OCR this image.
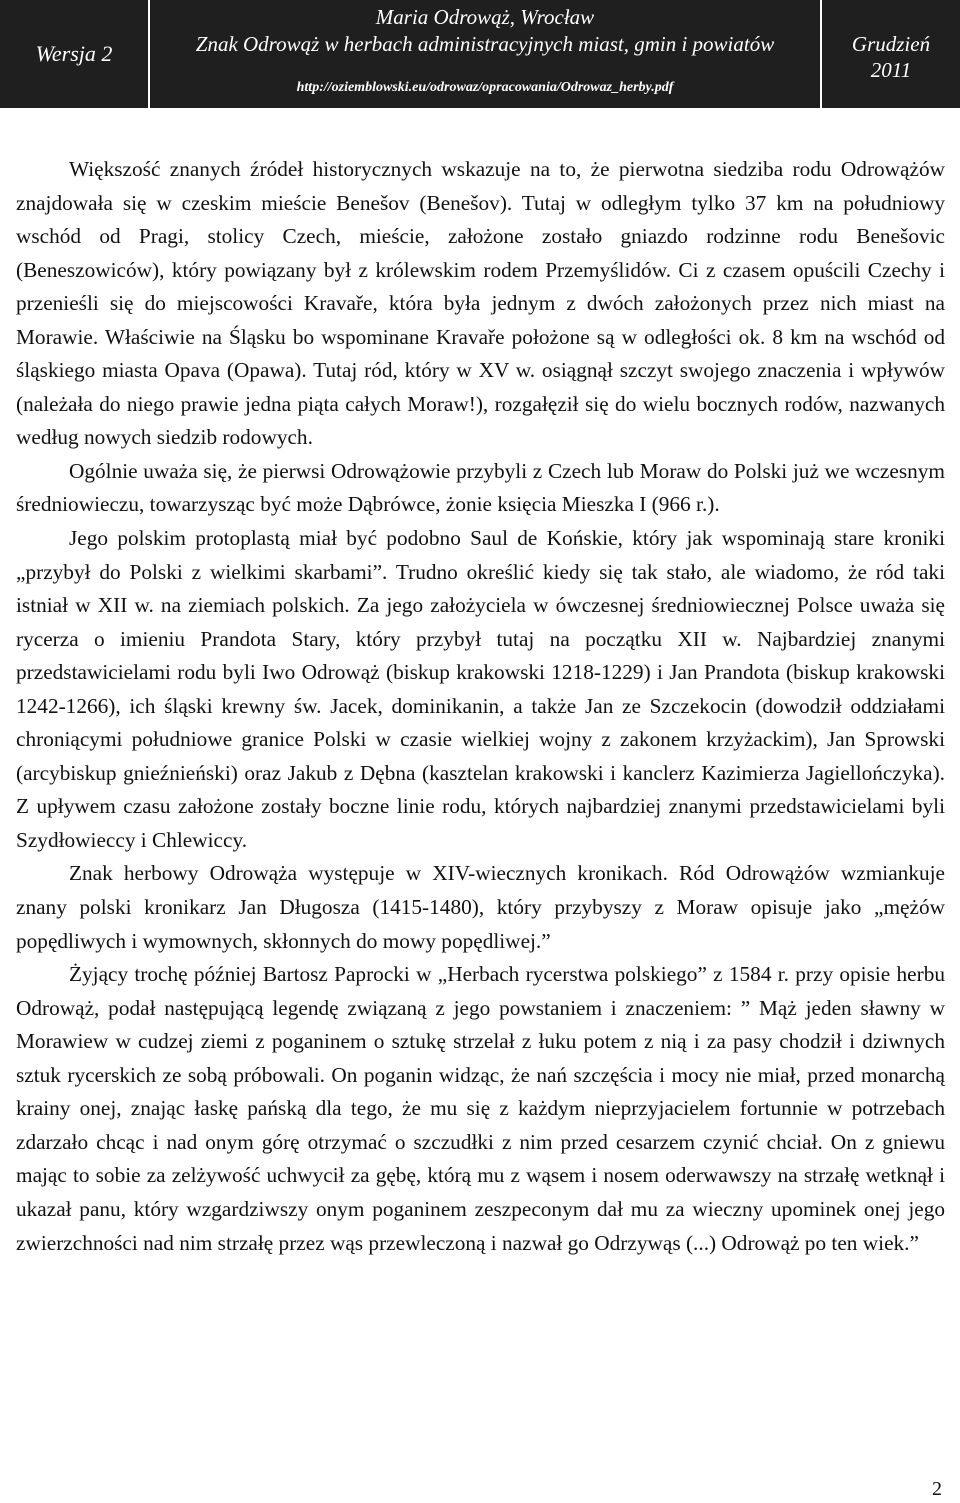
Wersja 2
Maria Odrowąż, Wrocław
Znak Odrowąż w herbach administracyjnych miast, gmin i powiatów
http://oziemblowski.eu/odrowaz/opracowania/Odrowaz_herby.pdf
Grudzień
2011

Większość znanych źródeł historycznych wskazuje na to, że pierwotna siedziba rodu Odrowążów znajdowała się w czeskim mieście Benešov (Benešov). Tutaj w odległym tylko 37 km na południowy wschód od Pragi, stolicy Czech, mieście, założone zostało gniazdo rodzinne rodu Benešovic (Beneszowiców), który powiązany był z królewskim rodem Przemyślidów. Ci z czasem opuścili Czechy i przenieśli się do miejscowości Kravaře, która była jednym z dwóch założonych przez nich miast na Morawie. Właściwie na Śląsku bo wspominane Kravaře położone są w odległości ok. 8 km na wschód od śląskiego miasta Opava (Opawa). Tutaj ród, który w XV w. osiągnął szczyt swojego znaczenia i wpływów (należała do niego prawie jedna piąta całych Moraw!), rozgałęził się do wielu bocznych rodów, nazwanych według nowych siedzib rodowych.

Ogólnie uważa się, że pierwsi Odrowążowie przybyli z Czech lub Moraw do Polski już we wczesnym średniowieczu, towarzysząc być może Dąbrówce, żonie księcia Mieszka I (966 r.).

Jego polskim protoplastą miał być podobno Saul de Końskie, który jak wspominają stare kroniki „przybył do Polski z wielkimi skarbami”. Trudno określić kiedy się tak stało, ale wiadomo, że ród taki istniał w XII w. na ziemiach polskich. Za jego założyciela w ówczesnej średniowiecznej Polsce uważa się rycerza o imieniu Prandota Stary, który przybył tutaj na początku XII w. Najbardziej znanymi przedstawicielami rodu byli Iwo Odrowąż (biskup krakowski 1218-1229) i Jan Prandota (biskup krakowski 1242-1266), ich śląski krewny św. Jacek, dominikanin, a także Jan ze Szczekocin (dowodził oddziałami chroniącymi południowe granice Polski w czasie wielkiej wojny z zakonem krzyżackim), Jan Sprowski (arcybiskup gnieźnieński) oraz Jakub z Dębna (kasztelan krakowski i kanclerz Kazimierza Jagiellończyka). Z upływem czasu założone zostały boczne linie rodu, których najbardziej znanymi przedstawicielami byli Szydłowieccy i Chlewiccy.

Znak herbowy Odrowąża występuje w XIV-wiecznych kronikach. Ród Odrowążów wzmiankuje znany polski kronikarz Jan Długosza (1415-1480), który przybyszy z Moraw opisuje jako „mężów popędliwych i wymownych, skłonnych do mowy popędliwej.”

Żyjący trochę później Bartosz Paprocki w „Herbach rycerstwa polskiego” z 1584 r. przy opisie herbu Odrowąż, podał następującą legendę związaną z jego powstaniem i znaczeniem: ” Mąż jeden sławny w Morawiew w cudzej ziemi z poganinem o sztukę strzelał z łuku potem z nią i za pasy chodził i dziwnych sztuk rycerskich ze sobą próbowali. On poganin widząc, że nań szczęścia i mocy nie miał, przed monarchą krainy onej, znając łaskę pańską dla tego, że mu się z każdym nieprzyjacielem fortunnie w potrzebach zdarzało chcąc i nad onym górę otrzymać o szczudłki z nim przed cesarzem czynić chciał. On z gniewu mając to sobie za zelżywość uchwycił za gębę, którą mu z wąsem i nosem oderwawszy na strzałę wetknął i ukazał panu, który wzgardziwszy onym poganinem zeszpeconym dał mu za wieczny upominek onej jego zwierzchności nad nim strzałę przez wąs przewleczoną i nazwał go Odrzywąs (...) Odrowąż po ten wiek.”

2
